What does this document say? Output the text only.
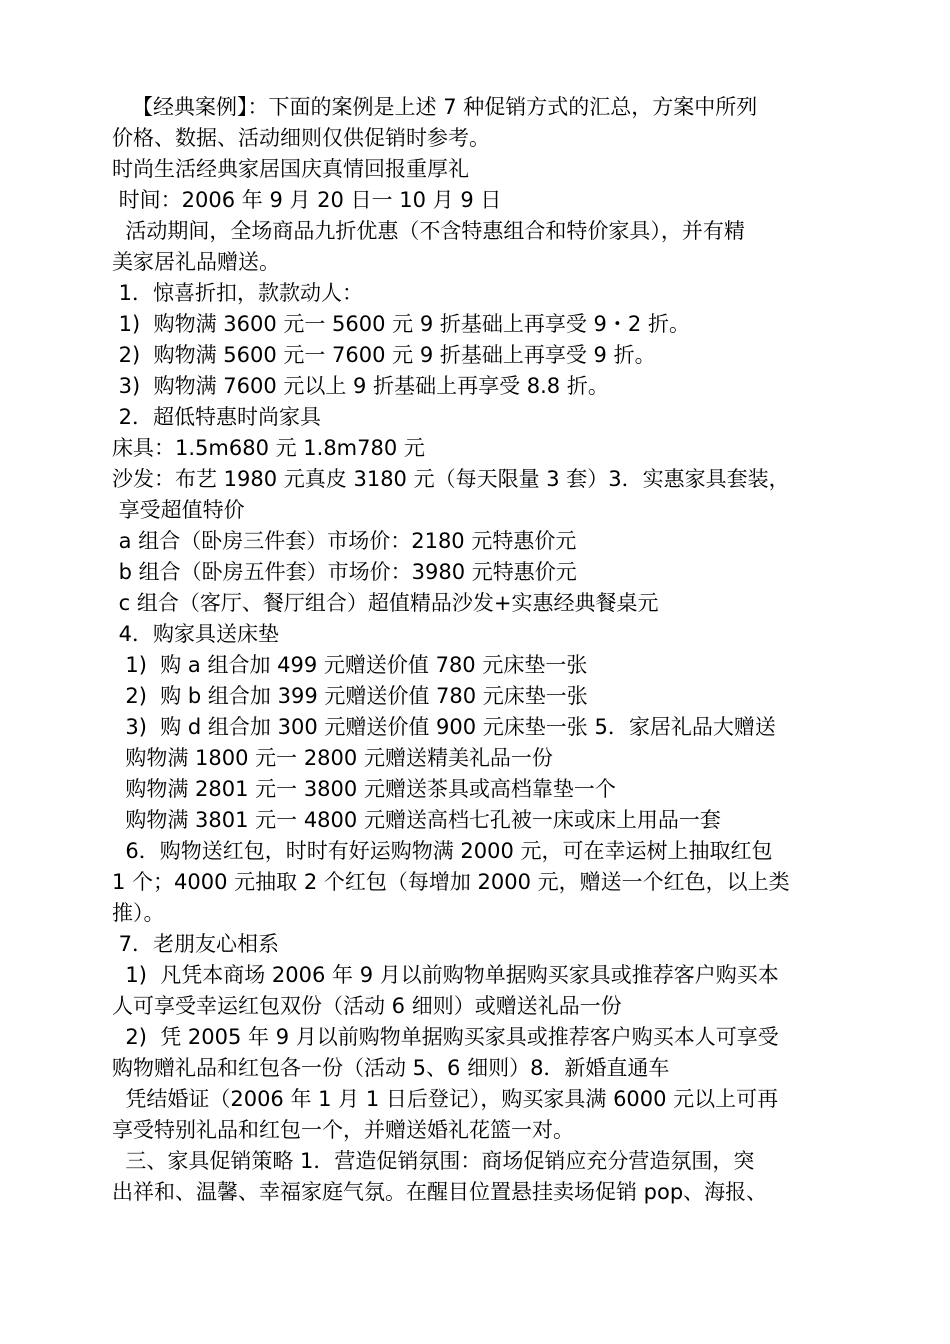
【经典案例】：下面的案例是上述 7 种促销方式的汇总，方案中所列
价格、数据、活动细则仅供促销时参考。
时尚生活经典家居国庆真情回报重厚礼
时间：2006 年 9 月 20 日一 10 月 9 日
活动期间，全场商品九折优惠（不含特惠组合和特价家具），并有精
美家居礼品赠送。
1．惊喜折扣，款款动人：
1)  购物满 3600 元一 5600 元 9 折基础上再享受 9・2 折。
2)  购物满 5600 元一 7600 元 9 折基础上再享受 9 折。
3)  购物满 7600 元以上 9 折基础上再享受 8.8 折。
2．超低特惠时尚家具
床具：1.5m680 元 1.8m780 元
沙发：布艺 1980 元真皮 3180 元（每天限量 3 套）3．实惠家具套装，
享受超值特价
a 组合（卧房三件套）市场价：2180 元特惠价元
b 组合（卧房五件套）市场价：3980 元特惠价元
c 组合（客厅、餐厅组合）超值精品沙发+实惠经典餐桌元
4．购家具送床垫
1)  购 a 组合加 499 元赠送价值 780 元床垫一张
2)  购 b 组合加 399 元赠送价值 780 元床垫一张
3)  购 d 组合加 300 元赠送价值 900 元床垫一张 5．家居礼品大赠送
购物满 1800 元一 2800 元赠送精美礼品一份
购物满 2801 元一 3800 元赠送茶具或高档靠垫一个
购物满 3801 元一 4800 元赠送高档七孔被一床或床上用品一套
6．购物送红包，时时有好运购物满 2000 元，可在幸运树上抽取红包
1 个；4000 元抽取 2 个红包（每增加 2000 元，赠送一个红色，以上类
推）。
7．老朋友心相系
1)  凡凭本商场 2006 年 9 月以前购物单据购买家具或推荐客户购买本
人可享受幸运红包双份（活动 6 细则）或赠送礼品一份
2)  凭 2005 年 9 月以前购物单据购买家具或推荐客户购买本人可享受
购物赠礼品和红包各一份（活动 5、6 细则）8．新婚直通车
凭结婚证（2006 年 1 月 1 日后登记），购买家具满 6000 元以上可再
享受特别礼品和红包一个，并赠送婚礼花篮一对。
三、家具促销策略 1．营造促销氛围：商场促销应充分营造氛围，突
出祥和、温馨、幸福家庭气氛。在醒目位置悬挂卖场促销 pop、海报、
